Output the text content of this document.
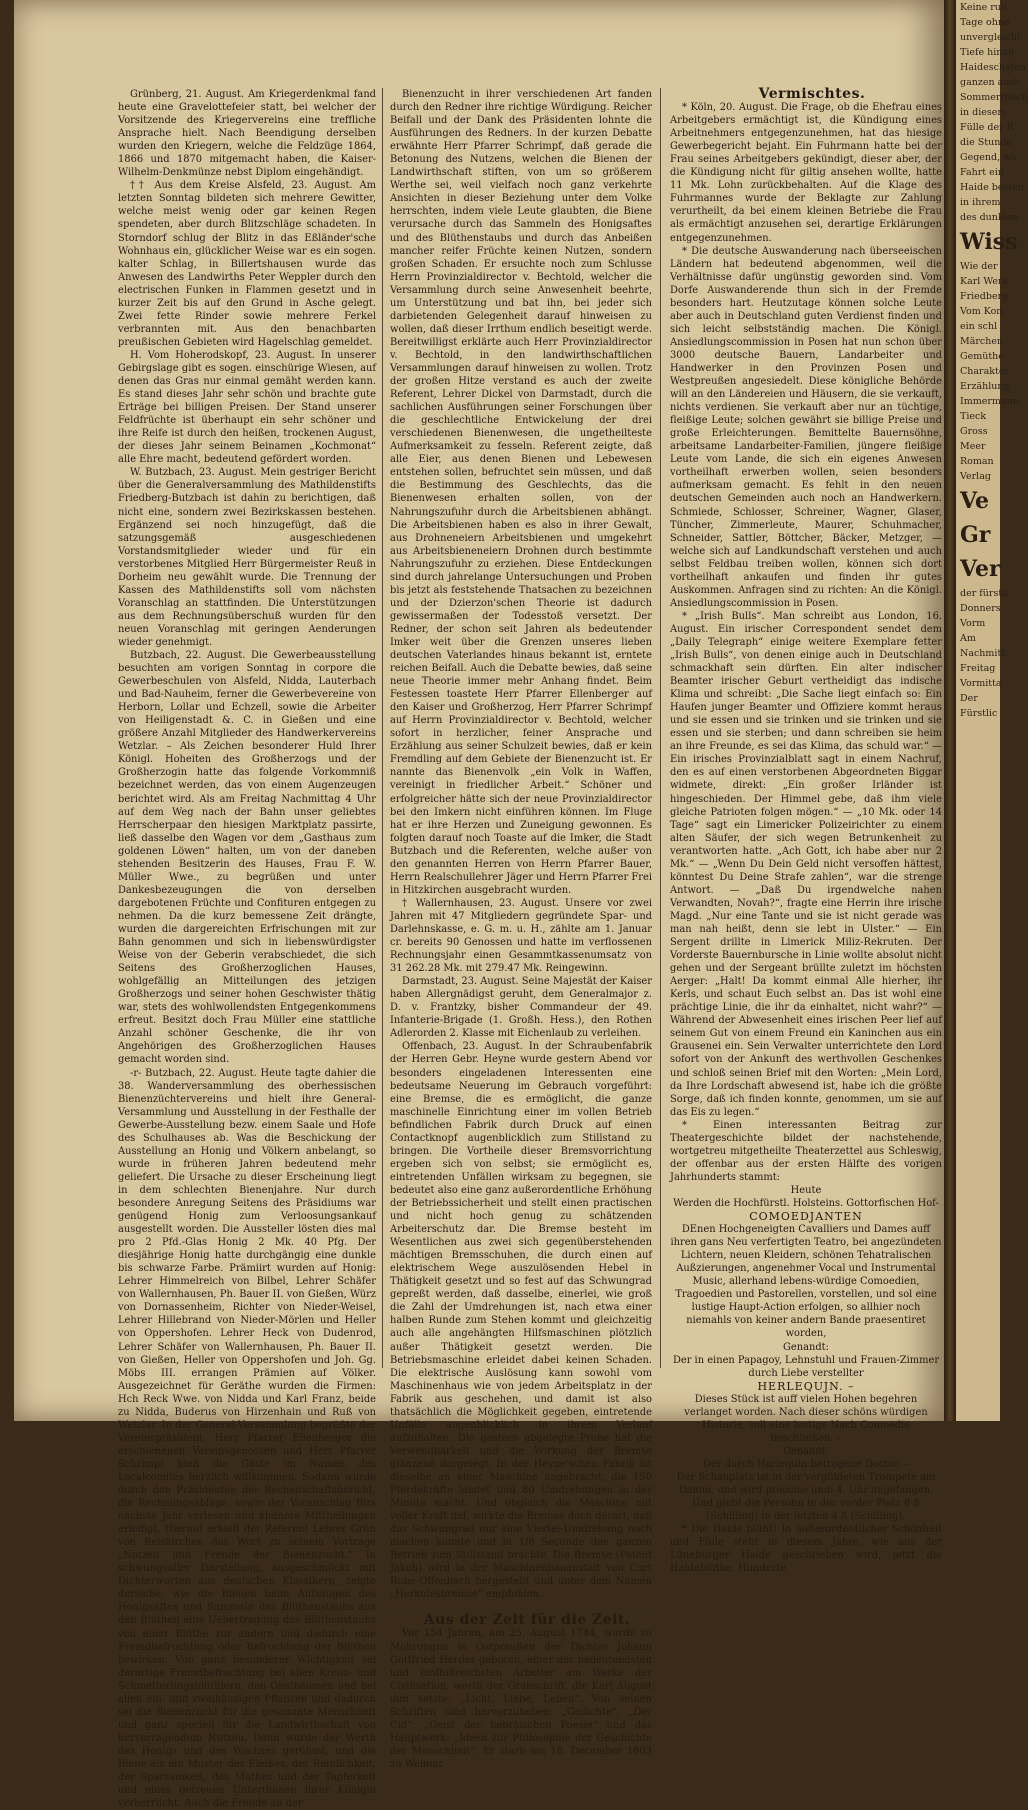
Grünberg, 21. August. Am Kriegerdenkmal fand heute eine Gravelottefeier statt, bei welcher der Vorsitzende des Kriegervereins eine treffliche Ansprache hielt. Nach Beendigung derselben wurden den Kriegern, welche die Feldzüge 1864, 1866 und 1870 mitgemacht haben, die Kaiser-Wilhelm-Denkmünze nebst Diplom eingehändigt.

†† Aus dem Kreise Alsfeld, 23. August. Am letzten Sonntag bildeten sich mehrere Gewitter, welche meist wenig oder gar keinen Regen spendeten, aber durch Blitzschläge schadeten. In Storndorf schlug der Blitz in das Eßländer'sche Wohnhaus ein, glücklicher Weise war es ein sogen. kalter Schlag, in Billertshausen wurde das Anwesen des Landwirths Peter Weppler durch den electrischen Funken in Flammen gesetzt und in kurzer Zeit bis auf den Grund in Asche gelegt. Zwei fette Rinder sowie mehrere Ferkel verbrannten mit. Aus den benachbarten preußischen Gebieten wird Hagelschlag gemeldet.

H. Vom Hoherodskopf, 23. August. In unserer Gebirgslage gibt es sogen. einschürige Wiesen, auf denen das Gras nur einmal gemäht werden kann. Es stand dieses Jahr sehr schön und brachte gute Erträge bei billigen Preisen. Der Stand unserer Feldfrüchte ist überhaupt ein sehr schöner und ihre Reife ist durch den heißen, trockenen August, der dieses Jahr seinem Beinamen „Kochmonat“ alle Ehre macht, bedeutend gefördert worden.

W. Butzbach, 23. August. Mein gestriger Bericht über die Generalversammlung des Mathildenstifts Friedberg-Butzbach ist dahin zu berichtigen, daß nicht eine, sondern zwei Bezirkskassen bestehen. Ergänzend sei noch hinzugefügt, daß die satzungsgemäß ausgeschiedenen Vorstandsmitglieder wieder und für ein verstorbenes Mitglied Herr Bürgermeister Reuß in Dorheim neu gewählt wurde. Die Trennung der Kassen des Mathildenstifts soll vom nächsten Voranschlag an stattfinden. Die Unterstützungen aus dem Rechnungsüberschuß wurden für den neuen Voranschlag mit geringen Aenderungen wieder genehmigt.

Butzbach, 22. August. Die Gewerbeausstellung besuchten am vorigen Sonntag in corpore die Gewerbeschulen von Alsfeld, Nidda, Lauterbach und Bad-Nauheim, ferner die Gewerbevereine von Herborn, Lollar und Echzell, sowie die Arbeiter von Heiligenstadt &. C. in Gießen und eine größere Anzahl Mitglieder des Handwerkervereins Wetzlar. – Als Zeichen besonderer Huld Ihrer Königl. Hoheiten des Großherzogs und der Großherzogin hatte das folgende Vorkommniß bezeichnet werden, das von einem Augenzeugen berichtet wird. Als am Freitag Nachmittag 4 Uhr auf dem Weg nach der Bahn unser geliebtes Herrscherpaar den hiesigen Marktplatz passirte, ließ dasselbe den Wagen vor dem „Gasthaus zum goldenen Löwen“ halten, um von der daneben stehenden Besitzerin des Hauses, Frau F. W. Müller Wwe., zu begrüßen und unter Dankesbezeugungen die von derselben dargebotenen Früchte und Confituren entgegen zu nehmen. Da die kurz bemessene Zeit drängte, wurden die dargereichten Erfrischungen mit zur Bahn genommen und sich in liebenswürdigster Weise von der Geberin verabschiedet, die sich Seitens des Großherzoglichen Hauses, wohlgefällig an Mitteilungen des jetzigen Großherzogs und seiner hohen Geschwister thätig war, stets des wohlwollendsten Entgegenkommens erfreut. Besitzt doch Frau Müller eine stattliche Anzahl schöner Geschenke, die ihr von Angehörigen des Großherzoglichen Hauses gemacht worden sind.

-r- Butzbach, 22. August. Heute tagte dahier die 38. Wanderversammlung des oberhessischen Bienenzüchtervereins und hielt ihre General-Versammlung und Ausstellung in der Festhalle der Gewerbe-Ausstellung bezw. einem Saale und Hofe des Schulhauses ab. Was die Beschickung der Ausstellung an Honig und Völkern anbelangt, so wurde in früheren Jahren bedeutend mehr geliefert. Die Ursache zu dieser Erscheinung liegt in dem schlechten Bienenjahre. Nur durch besondere Anregung Seitens des Präsidiums war genügend Honig zum Verloosungsankauf ausgestellt worden. Die Aussteller lösten dies mal pro 2 Pfd.-Glas Honig 2 Mk. 40 Pfg. Der diesjährige Honig hatte durchgängig eine dunkle bis schwarze Farbe. Prämiirt wurden auf Honig: Lehrer Himmelreich von Bilbel, Lehrer Schäfer von Wallernhausen, Ph. Bauer II. von Gießen, Würz von Dornassenheim, Richter von Nieder-Weisel, Lehrer Hillebrand von Nieder-Mörlen und Heller von Oppershofen. Lehrer Heck von Dudenrod, Lehrer Schäfer von Wallernhausen, Ph. Bauer II. von Gießen, Heller von Oppershofen und Joh. Gg. Möbs III. errangen Prämien auf Völker. Ausgezeichnet für Geräthe wurden die Firmen: Hch Reck Wwe. von Nidda und Karl Franz, beide zu Nidda, Buderus von Hirzenhain und Ruß von Wetzlar. In der General-Versammlung begrüßte der Vereinspräsident, Herr Pfarrer Ellenberger die erschienenen Vereinsgenossen und Herr Pfarrer Schrimpf hieß die Gäste im Namen des Localcomités herzlich willkommen. Sodann wurde durch den Präsidenten der Rechenschaftsbericht, die Rechnungsablage, sowie der Voranschlag fürs nächste Jahr verlesen und kleinere Mittheilungen erledigt. Hierauf erhielt der Referent Lehrer Grün von Reiskirchen das Wort zu seinem Vortrage „Nutzen und Freude der Bienenzucht.“ In schwungvoller Darstellung, ausgeschmückt mit Dichterworten aus deutschen Klassikern, zeigte derselbe, wie die Bienen beim Aufsaugen des Honigsaftes und Sammeln des Blüthenstaubs aus den Blüthen eine Uebertragung des Blüthenstaubs von einer Blüthe zur andern und dadurch eine Fremdbefruchtung oder Befruchtung der Blüthen bewirken. Von ganz besonderer Wichtigkeit sei derartige Fremdbefruchtung bei allen Kreuz- und Schmetterlingsblüthlern, den Obstbäumen und bei allen ein- und zweihäusigen Pflanzen und dadurch sei die Bienenzucht für die gesammte Menschheit und ganz speciell für die Landwirthschaft von hervorragendem Nutzen. Dann wurde der Werth des Honigs und des Wachses gerühmt, und die Biene als ein Muster des Fleißes, der Reinlichkeit, der Sparsamkeit, des Muthes und der Tapferkeit und eines getreuen Unterthanen ihrer Königin verherrlicht. Auch die Freude an der

Bienenzucht in ihrer verschiedenen Art fanden durch den Redner ihre richtige Würdigung. Reicher Beifall und der Dank des Präsidenten lohnte die Ausführungen des Redners. In der kurzen Debatte erwähnte Herr Pfarrer Schrimpf, daß gerade die Betonung des Nutzens, welchen die Bienen der Landwirthschaft stiften, von um so größerem Werthe sei, weil vielfach noch ganz verkehrte Ansichten in dieser Beziehung unter dem Volke herrschten, indem viele Leute glaubten, die Biene verursache durch das Sammeln des Honigsaftes und des Blüthenstaubs und durch das Anbeißen mancher reifer Früchte keinen Nutzen, sondern großen Schaden. Er ersuchte noch zum Schlusse Herrn Provinzialdirector v. Bechtold, welcher die Versammlung durch seine Anwesenheit beehrte, um Unterstützung und bat ihn, bei jeder sich darbietenden Gelegenheit darauf hinweisen zu wollen, daß dieser Irrthum endlich beseitigt werde. Bereitwilligst erklärte auch Herr Provinzialdirector v. Bechtold, in den landwirthschaftlichen Versammlungen darauf hinweisen zu wollen. Trotz der großen Hitze verstand es auch der zweite Referent, Lehrer Dickel von Darmstadt, durch die sachlichen Ausführungen seiner Forschungen über die geschlechtliche Entwickelung der drei verschiedenen Bienenwesen, die ungetheilteste Aufmerksamkeit zu fesseln. Referent zeigte, daß alle Eier, aus denen Bienen und Lebewesen entstehen sollen, befruchtet sein müssen, und daß die Bestimmung des Geschlechts, das die Bienenwesen erhalten sollen, von der Nahrungszufuhr durch die Arbeitsbienen abhängt. Die Arbeitsbienen haben es also in ihrer Gewalt, aus Drohneneiern Arbeitsbienen und umgekehrt aus Arbeitsbieneneiern Drohnen durch bestimmte Nahrungszufuhr zu erziehen. Diese Entdeckungen sind durch jahrelange Untersuchungen und Proben bis jetzt als feststehende Thatsachen zu bezeichnen und der Dzierzon'schen Theorie ist dadurch gewissermaßen der Todesstoß versetzt. Der Redner, der schon seit Jahren als bedeutender Imker weit über die Grenzen unseres lieben deutschen Vaterlandes hinaus bekannt ist, erntete reichen Beifall. Auch die Debatte bewies, daß seine neue Theorie immer mehr Anhang findet. Beim Festessen toastete Herr Pfarrer Ellenberger auf den Kaiser und Großherzog, Herr Pfarrer Schrimpf auf Herrn Provinzialdirector v. Bechtold, welcher sofort in herzlicher, feiner Ansprache und Erzählung aus seiner Schulzeit bewies, daß er kein Fremdling auf dem Gebiete der Bienenzucht ist. Er nannte das Bienenvolk „ein Volk in Waffen, vereinigt in friedlicher Arbeit.“ Schöner und erfolgreicher hätte sich der neue Provinzialdirector bei den Imkern nicht einführen können. Im Fluge hat er ihre Herzen und Zuneigung gewonnen. Es folgten darauf noch Toaste auf die Imker, die Stadt Butzbach und die Referenten, welche außer von den genannten Herren von Herrn Pfarrer Bauer, Herrn Realschullehrer Jäger und Herrn Pfarrer Frei in Hitzkirchen ausgebracht wurden.

† Wallernhausen, 23. August. Unsere vor zwei Jahren mit 47 Mitgliedern gegründete Spar- und Darlehnskasse, e. G. m. u. H., zählte am 1. Januar cr. bereits 90 Genossen und hatte im verflossenen Rechnungsjahr einen Gesammtkassenumsatz von 31 262.28 Mk. mit 279.47 Mk. Reingewinn.

Darmstadt, 23. August. Seine Majestät der Kaiser haben Allergnädigst geruht, dem Generalmajor z. D. v. Frantzky, bisher Commandeur der 49. Infanterie-Brigade (1. Großh. Hess.), den Rothen Adlerorden 2. Klasse mit Eichenlaub zu verleihen.

Offenbach, 23. August. In der Schraubenfabrik der Herren Gebr. Heyne wurde gestern Abend vor besonders eingeladenen Interessenten eine bedeutsame Neuerung im Gebrauch vorgeführt: eine Bremse, die es ermöglicht, die ganze maschinelle Einrichtung einer im vollen Betrieb befindlichen Fabrik durch Druck auf einen Contactknopf augenblicklich zum Stillstand zu bringen. Die Vortheile dieser Bremsvorrichtung ergeben sich von selbst; sie ermöglicht es, eintretenden Unfällen wirksam zu begegnen, sie bedeutet also eine ganz außerordentliche Erhöhung der Betriebssicherheit und stellt einen practischen und nicht hoch genug zu schätzenden Arbeiterschutz dar. Die Bremse besteht im Wesentlichen aus zwei sich gegenüberstehenden mächtigen Bremsschuhen, die durch einen auf elektrischem Wege auszulösenden Hebel in Thätigkeit gesetzt und so fest auf das Schwungrad gepreßt werden, daß dasselbe, einerlei, wie groß die Zahl der Umdrehungen ist, nach etwa einer halben Runde zum Stehen kommt und gleichzeitig auch alle angehängten Hilfsmaschinen plötzlich außer Thätigkeit gesetzt werden. Die Betriebsmaschine erleidet dabei keinen Schaden. Die elektrische Auslösung kann sowohl vom Maschinenhaus wie von jedem Arbeitsplatz in der Fabrik aus geschehen, und damit ist also thatsächlich die Möglichkeit gegeben, eintretende Unfälle augenblicklich in ihrem Verlauf aufzuhalten. Die gestern abgelegte Probe hat die Verwendbarkeit und die Wirkung der Bremse glänzend dargelegt. In der Heyne'schen Fabrik ist dieselbe an einer Maschine angebracht, die 150 Pferdekräfte leistet und 80 Umdrehungen in der Minute macht. Und obgleich die Maschine mit voller Kraft lief, wirkte die Bremse doch derart, daß das Schwungrad nur eine Viertel-Umdrehung noch machen konnte und in 1/8 Secunde den ganzen Betrieb zum Stillstand brachte. Die Bremse (Patent Jakob) wird in der Maschinenbauanstalt von Curt Rube-Offenbach hergestellt und unter dem Namen „Herkulesbremse“ empfohlen.

Aus der Zeit für die Zeit.

Vor 154 Jahren, am 25. August 1744, wurde zu Mohrungen in Ostpreußen der Dichter Johann Gottfried Herder geboren, einer der bedeutendsten und einflußreichsten Arbeiter am Werke der Civilisation, werth der Grabschrift, die Karl August ihm setzte: „Licht, Liebe, Leben“. Von seinen Schriften sind hervorzuheben: „Gedichte“, „Der Cid“, „Geist der hebräischen Poesie“ und das Hauptwerk: „Ideen zur Philosophie der Geschichte der Menschheit“. Er starb am 18. December 1803 zu Weimar.

Vermischtes.

* Köln, 20. August. Die Frage, ob die Ehefrau eines Arbeitgebers ermächtigt ist, die Kündigung eines Arbeitnehmers entgegenzunehmen, hat das hiesige Gewerbegericht bejaht. Ein Fuhrmann hatte bei der Frau seines Arbeitgebers gekündigt, dieser aber, der die Kündigung nicht für giltig ansehen wollte, hatte 11 Mk. Lohn zurückbehalten. Auf die Klage des Fuhrmannes wurde der Beklagte zur Zahlung verurtheilt, da bei einem kleinen Betriebe die Frau als ermächtigt anzusehen sei, derartige Erklärungen entgegenzunehmen.

* Die deutsche Auswanderung nach überseeischen Ländern hat bedeutend abgenommen, weil die Verhältnisse dafür ungünstig geworden sind. Vom Dorfe Auswanderende thun sich in der Fremde besonders hart. Heutzutage können solche Leute aber auch in Deutschland guten Verdienst finden und sich leicht selbstständig machen. Die Königl. Ansiedlungscommission in Posen hat nun schon über 3000 deutsche Bauern, Landarbeiter und Handwerker in den Provinzen Posen und Westpreußen angesiedelt. Diese königliche Behörde will an den Ländereien und Häusern, die sie verkauft, nichts verdienen. Sie verkauft aber nur an tüchtige, fleißige Leute; solchen gewährt sie billige Preise und große Erleichterungen. Bemittelte Bauernsöhne, arbeitsame Landarbeiter-Familien, jüngere fleißige Leute vom Lande, die sich ein eigenes Anwesen vortheilhaft erwerben wollen, seien besonders aufmerksam gemacht. Es fehlt in den neuen deutschen Gemeinden auch noch an Handwerkern. Schmiede, Schlosser, Schreiner, Wagner, Glaser, Tüncher, Zimmerleute, Maurer, Schuhmacher, Schneider, Sattler, Böttcher, Bäcker, Metzger, — welche sich auf Landkundschaft verstehen und auch selbst Feldbau treiben wollen, können sich dort vortheilhaft ankaufen und finden ihr gutes Auskommen. Anfragen sind zu richten: An die Königl. Ansiedlungscommission in Posen.

* „Irish Bulls“. Man schreibt aus London, 16. August. Ein irischer Correspondent sendet dem „Daily Telegraph“ einige weitere Exemplare fetter „Irish Bulls“, von denen einige auch in Deutschland schmackhaft sein dürften. Ein alter indischer Beamter irischer Geburt vertheidigt das indische Klima und schreibt: „Die Sache liegt einfach so: Ein Haufen junger Beamter und Offiziere kommt heraus und sie essen und sie trinken und sie trinken und sie essen und sie sterben; und dann schreiben sie heim an ihre Freunde, es sei das Klima, das schuld war.“ — Ein irisches Provinzialblatt sagt in einem Nachruf, den es auf einen verstorbenen Abgeordneten Biggar widmete, direkt: „Ein großer Irländer ist hingeschieden. Der Himmel gebe, daß ihm viele gleiche Patrioten folgen mögen.“ — „10 Mk. oder 14 Tage“ sagt ein Limericker Polizeirichter zu einem alten Säufer, der sich wegen Betrunkenheit zu verantworten hatte. „Ach Gott, ich habe aber nur 2 Mk.“ — „Wenn Du Dein Geld nicht versoffen hättest, könntest Du Deine Strafe zahlen“, war die strenge Antwort. — „Daß Du irgendwelche nahen Verwandten, Novah?“, fragte eine Herrin ihre irische Magd. „Nur eine Tante und sie ist nicht gerade was man nah heißt, denn sie lebt in Ulster.“ — Ein Sergent drillte in Limerick Miliz-Rekruten. Der Vorderste Bauernbursche in Linie wollte absolut nicht gehen und der Sergeant brüllte zuletzt im höchsten Aerger: „Halt! Da kommt einmal Alle hierher, ihr Kerls, und schaut Euch selbst an. Das ist wohl eine prächtige Linie, die ihr da einhaltet, nicht wahr?“ — Während der Abwesenheit eines irischen Peer lief auf seinem Gut von einem Freund ein Kaninchen aus ein Grausenei ein. Sein Verwalter unterrichtete den Lord sofort von der Ankunft des werthvollen Geschenkes und schloß seinen Brief mit den Worten: „Mein Lord, da Ihre Lordschaft abwesend ist, habe ich die größte Sorge, daß ich finden konnte, genommen, um sie auf das Eis zu legen.“

* Einen interessanten Beitrag zur Theatergeschichte bildet der nachstehende, wortgetreu mitgetheilte Theaterzettel aus Schleswig, der offenbar aus der ersten Hälfte des vorigen Jahrhunderts stammt:

Heute

Werden die Hochfürstl. Holsteins. Gottorfischen Hof-

COMOEDJANTEN

DEnen Hochgeneigten Cavalliers und Dames auff ihren gans Neu verfertigten Teatro, bei angezündeten Lichtern, neuen Kleidern, schönen Tehatralischen Außzierungen, angenehmer Vocal und Instrumental Music, allerhand lebens-würdige Comoedien, Tragoedien und Pastorellen, vorstellen, und sol eine lustige Haupt-Action erfolgen, so allhier noch niemahls von keiner andern Bande praesentiret worden,

Genandt:

Der in einen Papagoy, Lehnstuhl und Frauen-Zimmer durch Liebe verstellter

HERLEQUJN. –

Dieses Stück ist auff vielen Hohen begehren verlanget worden. Nach dieser schöns würdigen Historie, soll eine lustige Nach Comoedie beschließen. –

Genandt:

Der durch Harlequin betrogene Doctor. –

Der Schauplatz ist in der vergüldeten Trompete am Damm, und wird praecise umb 4. Uhr angefangen.

Und giebt die Persohn in der vorder Platz 8 ß (Schilling) in der letzten 4 ß (Schilling).

* Die Haide blüht! In außerordentlicher Schönheit und Fülle steht in diesem Jahre, wie aus der Lüneburger Haide geschrieben wird, jetzt die Haideblüthe. Hunderte

Keine ruh
Tage ohne
unvergleichl
Tiefe hinab
Haideschafen
ganzen ausb
Sommerfrisch
in diesem
Fülle der R
die Stunde
Gegend, wo
Fahrt ein
Haide besten
in ihrem
des dunklen
Wiss
Wie der
Karl Werk
Friedberg
Vom Kon
ein schl
Märchen
Gemüthe
Charakter
Erzählung
Immermann
Tieck
Gross
Meer
Roman
Verlag
Ve
Gr
Ver
der fürstli
Donners
Vorm
Am
Nachmitt
Freitag
Vormitta
Der
Fürstlic
